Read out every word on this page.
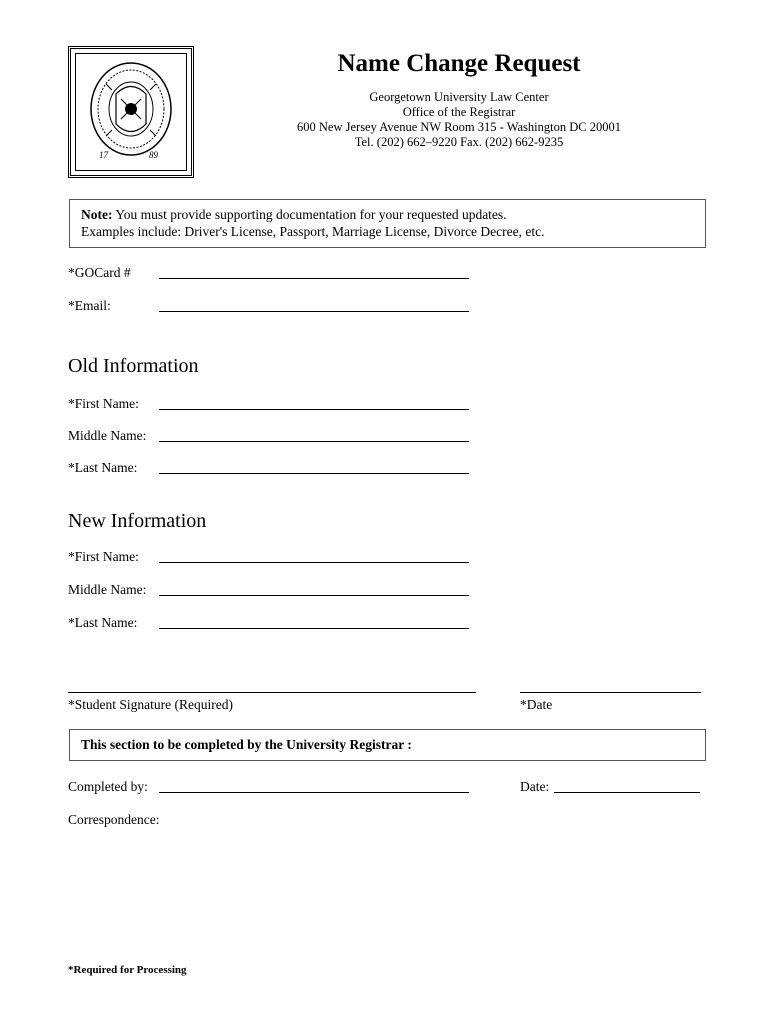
17	89
Name Change Request
Georgetown University Law Center
Office of the Registrar
600 New Jersey Avenue NW Room 315 - Washington DC 20001
Tel. (202) 662–9220 Fax. (202) 662-9235
Note: You must provide supporting documentation for your requested updates.
Examples include: Driver's License, Passport, Marriage License, Divorce Decree, etc.
*GOCard #
*Email:
Old Information
*First Name:
Middle Name:
*Last Name:
New Information
*First Name:
Middle Name:
*Last Name:
*Student Signature (Required)	*Date
This section to be completed by the University Registrar :
Completed by:	Date:
Correspondence:
*Required for Processing
